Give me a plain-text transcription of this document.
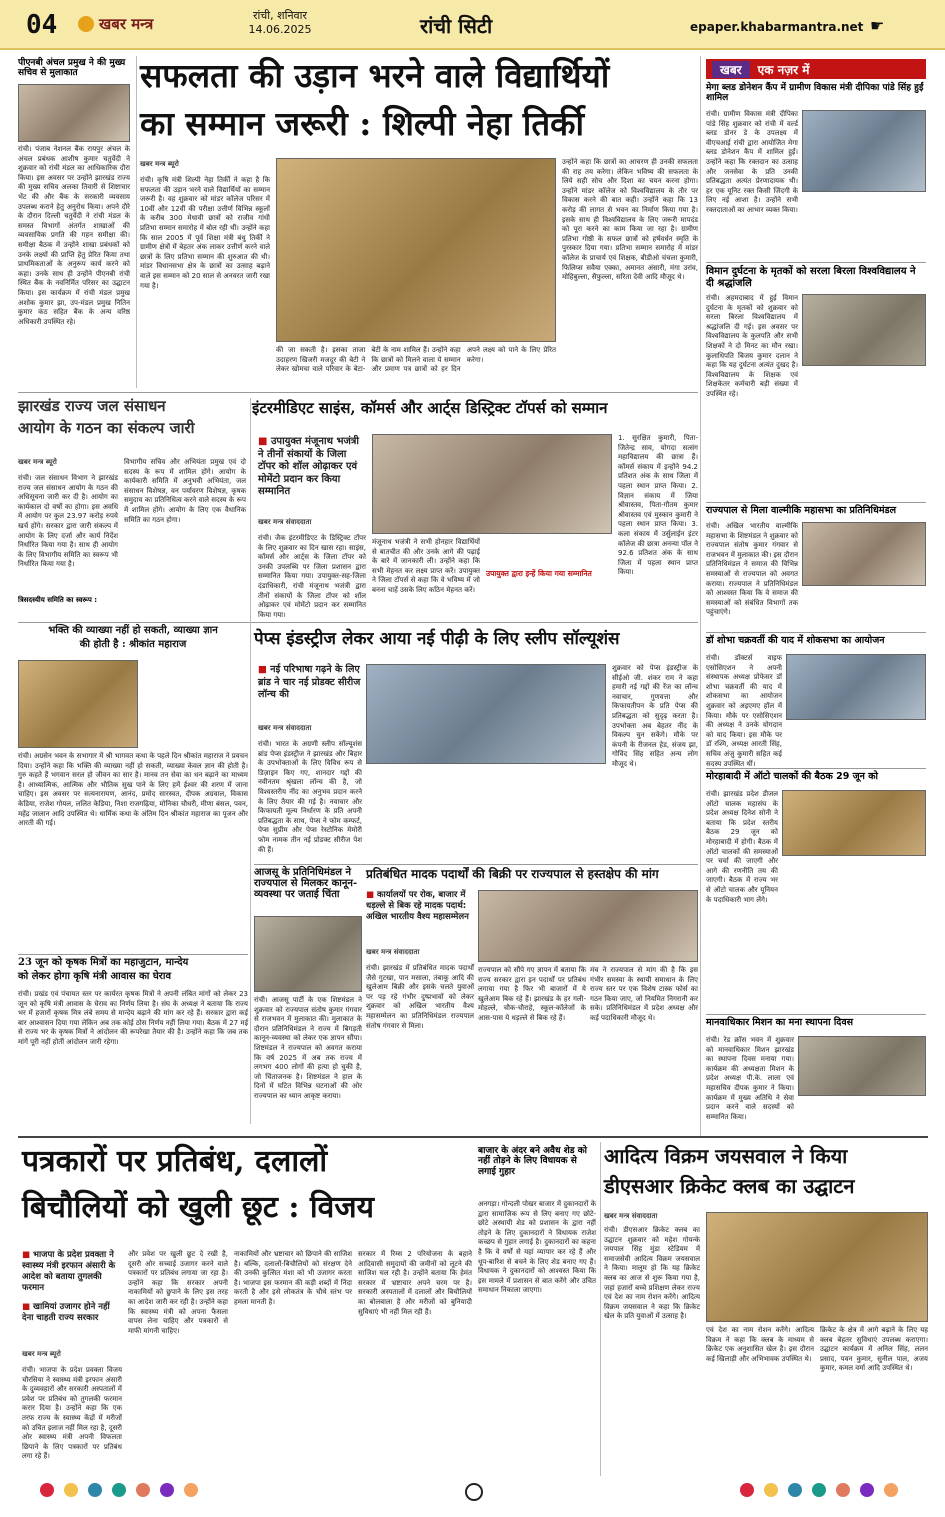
04	खबर मन्त्र	रांची, शनिवार
14.06.2025	रांची सिटी	epaper.khabarmantra.net ☛
पीएनबी अंचल प्रमुख ने की मुख्य सचिव से मुलाकात
रांची। पंजाब नेशनल बैंक रायपुर अंचल के अंचल प्रबंधक आशीष कुमार चतुर्वेदी ने शुक्रवार को रांची मंडल का आधिकारिक दौरा किया। इस अवसर पर उन्होंने झारखंड राज्य की मुख्य सचिव अलका तिवारी से शिष्टाचार भेंट की और बैंक के सरकारी व्यवसाय उपलब्ध कराने हेतु अनुरोध किया। अपने दौरे के दौरान दिल्ली चतुर्वेदी ने रांची मंडल के समस्त विभागों अंतर्गत शाखाओं की व्यवसायिक प्रगति की गहन समीक्षा की। समीक्षा बैठक में उन्होंने शाखा प्रबंधकों को उनके लक्ष्यों की प्राप्ति हेतु प्रेरित किया तथा प्राथमिकताओं के अनुरूप कार्य करने को कहा। उनके साथ ही उन्होंने पीएनबी रांची स्थित बैंक के नवनिर्मित परिसर का उद्घाटन किया। इस कार्यक्रम में रांची मंडल प्रमुख अशोक कुमार झा, उप-मंडल प्रमुख नितिन कुमार कंठ सहित बैंक के अन्य वरिष्ठ अधिकारी उपस्थित रहे।
सफलता की उड़ान भरने वाले विद्यार्थियों
का सम्मान जरूरी : शिल्पी नेहा तिर्की
खबर मन्त्र ब्यूरो
रांची। कृषि मंत्री शिल्पी नेहा तिर्की ने कहा है कि सफलता की उड़ान भरने वाले विद्यार्थियों का सम्मान जरूरी है। वह शुक्रवार को मांडर कॉलेज परिसर में 10वीं और 12वीं की परीक्षा उत्तीर्ण विभिन्न स्कूलों के करीब 300 मेधावी छात्रों को राजीव गांधी प्रतिभा सम्मान समारोह में बोल रही थीं। उन्होंने कहा कि साल 2005 में पूर्व शिक्षा मंत्री बंधु तिर्की ने ग्रामीण क्षेत्रों में बेहतर अंक लाकर उत्तीर्ण करने वाले छात्रों के लिए प्रतिभा सम्मान की शुरुआत की थी। मांडर विधानसभा क्षेत्र के छात्रों का उत्साह बढ़ाने वाले इस सम्मान को 20 साल से अनवरत जारी रखा गया है।
की जा सकती है। इसका ताजा उदाहरण खिजरी मजदूर की बेटी ने लेकर खोमचा वाले परिवार के बेटा-बेटी के नाम शामिल हैं। उन्होंने कहा कि छात्रों को मिलने वाला ये सम्मान और प्रमाण पत्र छात्रों को हर दिन अपने लक्ष्य को पाने के लिए प्रेरित करेगा।
उन्होंने कहा कि छात्रों का आचरण ही उनकी सफलता की राह तय करेगा। लेकिन भविष्य की सफलता के लिये सही सोच और दिशा का चयन करना होगा। उन्होंने मांडर कॉलेज को विश्वविद्यालय के तौर पर विकास करने की बात कही। उन्होंने कहा कि 13 करोड़ की लागत से भवन का निर्माण किया गया है। इसके साथ ही विश्वविद्यालय के लिए जरूरी मापदंड को पूरा करने का काम किया जा रहा है। ग्रामीण प्रतिभा गोष्ठी के सफल छात्रों को हर्षवर्धन स्मृति के पुरस्कार दिया गया। प्रतिभा सम्मान समारोह में मांडर कॉलेज के प्राचार्य एवं शिक्षक, बीडीओ चंचला कुमारी, फिलिप्स सवैया एक्का, अमानत अंसारी, मंगा उरांव, मोहिबुल्ला, सैफुल्ला, सरिता देवी आदि मौजूद थे।
खबर एक नज़र में
मेगा ब्लड डोनेशन कैंप में ग्रामीण विकास मंत्री दीपिका पांडे सिंह हुईं शामिल
रांची। ग्रामीण विकास मंत्री दीपिका पांडे सिंह शुक्रवार को रांची में वर्ल्ड ब्लड डोनर डे के उपलक्ष्य में वीएचआई रांची द्वारा आयोजित मेगा ब्लड डोनेशन कैंप में शामिल हुईं। उन्होंने कहा कि रक्तदान का उत्साह और जनसेवा के प्रति उनकी प्रतिबद्धता अत्यंत प्रेरणादायक थी। हर एक यूनिट रक्त किसी जिंदगी के लिए नई आशा है। उन्होंने सभी रक्तदाताओं का आभार व्यक्त किया।
विमान दुर्घटना के मृतकों को सरला बिरला विश्वविद्यालय ने दी श्रद्धांजलि
रांची। अहमदाबाद में हुई विमान दुर्घटना के मृतकों को शुक्रवार को सरला बिरला विश्वविद्यालय में श्रद्धांजलि दी गई। इस अवसर पर विश्वविद्यालय के कुलपति और सभी शिक्षकों ने दो मिनट का मौन रखा। कुलाधिपति बिजय कुमार दलान ने कहा कि यह दुर्घटना अत्यंत दुखद है। विश्वविद्यालय के शिक्षक एवं शिक्षकेतर कर्मचारी बड़ी संख्या में उपस्थित रहे।
राज्यपाल से मिला वाल्मीकि महासभा का प्रतिनिधिमंडल
रांची। अखिल भारतीय वाल्मीकि महासभा के शिष्टमंडल ने शुक्रवार को राज्यपाल संतोष कुमार गंगवार से राजभवन में मुलाकात की। इस दौरान प्रतिनिधिमंडल ने समाज की विभिन्न समस्याओं से राज्यपाल को अवगत कराया। राज्यपाल ने प्रतिनिधिमंडल को आश्वस्त किया कि वे समाज की समस्याओं को संबंधित विभागों तक पहुंचाएंगे।
डॉ शोभा चक्रवर्ती की याद में शोकसभा का आयोजन
रांची। डॉक्टर्स वाइफ एसोसिएशन ने अपनी संस्थापक अध्यक्ष प्रोफेसर डॉ शोभा चक्रवर्ती की याद में शोकसभा का आयोजन शुक्रवार को अइएमए हॉल में किया। मौके पर एसोसिएशन की अध्यक्ष ने उनके योगदान को याद किया। इस मौके पर डॉ रश्मि, अध्यक्ष आरती सिंह, सचिव अंजु कुमारी सहित कई सदस्य उपस्थित थीं।
मोरहाबादी में ऑटो चालकों की बैठक 29 जून को
रांची। झारखंड प्रदेश डीजल ऑटो चालक महासंघ के प्रदेश अध्यक्ष दिनेश सोनी ने बताया कि प्रदेश स्तरीय बैठक 29 जून को मोरहाबादी में होगी। बैठक में ऑटो चालकों की समस्याओं पर चर्चा की जाएगी और आगे की रणनीति तय की जाएगी। बैठक में राज्य भर से ऑटो चालक और यूनियन के पदाधिकारी भाग लेंगे।
मानवाधिकार मिशन का मना स्थापना दिवस
रांची। रेड क्रॉस भवन में शुक्रवार को मानवाधिकार मिशन झारखंड का स्थापना दिवस मनाया गया। कार्यक्रम की अध्यक्षता मिशन के प्रदेश अध्यक्ष पी.के. लाला एवं महासचिव दीपक कुमार ने किया। कार्यक्रम में मुख्य अतिथि ने सेवा प्रदान करने वाले सदस्यों को सम्मानित किया।
झारखंड राज्य जल संसाधन
आयोग के गठन का संकल्प जारी
खबर मन्त्र ब्यूरो
रांची। जल संसाधन विभाग ने झारखंड राज्य जल संसाधन आयोग के गठन की अधिसूचना जारी कर दी है। आयोग का कार्यकाल दो वर्षों का होगा। इस अवधि में आयोग पर कुल 23.97 करोड़ रुपये खर्च होंगे। सरकार द्वारा जारी संकल्प में आयोग के लिए दर्जा और कार्य निर्देश निर्धारित किया गया है। साथ ही आयोग के लिए विभागीय समिति का स्वरूप भी निर्धारित किया गया है।
त्रिसदस्यीय समिति का स्वरूप :
विभागीय सचिव और अभियंता प्रमुख एवं दो सदस्य के रूप में शामिल होंगे। आयोग के कार्यकारी समिति में अनुभवी अभियंता, जल संसाधन विशेषज्ञ, वन पर्यावरण विशेषज्ञ, कृषक समुदाय का प्रतिनिधित्व करने वाले सदस्य के रूप में शामिल होंगे। आयोग के लिए एक वैधानिक समिति का गठन होगा।
इंटरमीडिएट साइंस, कॉमर्स और आर्ट्स डिस्ट्रिक्ट टॉपर्स को सम्मान
■ उपायुक्त मंजूनाथ भजंत्री ने तीनों संकायों के जिला टॉपर को शॉल ओढ़ाकर एवं मोमेंटो प्रदान कर किया सम्मानित
खबर मन्त्र संवाददाता
रांची। जैक इंटरमीडिएट के डिस्ट्रिक्ट टॉपर के लिए शुक्रवार का दिन खास रहा। साइंस, कॉमर्स और आर्ट्स के जिला टॉपर को उनकी उपलब्धि पर जिला प्रशासन द्वारा सम्मानित किया गया। उपायुक्त-सह-जिला दंडाधिकारी, रांची मंजूनाथ भजंत्री द्वारा तीनों संकायों के जिला टॉपर को शॉल ओढ़ाकर एवं मोमेंटो प्रदान कर सम्मानित किया गया।
मंजूनाथ भजंत्री ने सभी होनहार विद्यार्थियों से बातचीत की और उनके आगे की पढ़ाई के बारे में जानकारी ली। उन्होंने कहा कि सभी मेहनत कर लक्ष्य प्राप्त करें। उपायुक्त ने जिला टॉपर्स से कहा कि वे भविष्य में जो बनना चाहें उसके लिए कठिन मेहनत करें।
उपायुक्त द्वारा इन्हें किया गया सम्मानित
1. सुरक्षित कुमारी, पिता-जितेन्द्र साव, योगदा सत्संग महाविद्यालय की छात्रा हैं। कॉमर्स संकाय में इन्होंने 94.2 प्रतिशत अंक के साथ जिला में पहला स्थान प्राप्त किया। 2. विज्ञान संकाय में जिया श्रीवास्तव, पिता-गौतम कुमार श्रीवास्तव एवं मुस्कान कुमारी ने पहला स्थान प्राप्त किया। 3. कला संकाय में उर्सुलाईन इंटर कॉलेज की छात्रा अनन्या पॉल ने 92.6 प्रतिशत अंक के साथ जिला में पहला स्थान प्राप्त किया।
भक्ति की व्याख्या नहीं हो सकती, व्याख्या ज्ञान
की होती है : श्रीकांत महाराज
रांची। अग्रसेन भवन के सभागार में श्री भागवत कथा के पहले दिन श्रीकांत महाराज ने प्रवचन दिया। उन्होंने कहा कि भक्ति की व्याख्या नहीं हो सकती, व्याख्या केवल ज्ञान की होती है। गुरु कहते हैं भगवान सरल हो जीवन का सार है। मानव तन सेवा का धन बढ़ाने का माध्यम है। आध्यात्मिक, आत्मिक और भौतिक सुख पाने के लिए हमें ईश्वर की शरण में जाना चाहिए। इस अवसर पर सत्यनारायण, आनंद, प्रमोद सारस्वत, दीपक अग्रवाल, विकास केडिया, राजेश गोयल, ललित केडिया, निशा राजगढ़िया, मोनिका चौधरी, मीणा बंसल, पवन, महेंद्र जालान आदि उपस्थित थे। धार्मिक कथा के अंतिम दिन श्रीकांत महाराज का पूजन और आरती की गई।
23 जून को कृषक मित्रों का महाजुटान, मान्देय
को लेकर होगा कृषि मंत्री आवास का घेराव
रांची। प्रखंड एवं पंचायत स्तर पर कार्यरत कृषक मित्रों ने अपनी लंबित मांगों को लेकर 23 जून को कृषि मंत्री आवास के घेराव का निर्णय लिया है। संघ के अध्यक्ष ने बताया कि राज्य भर में हजारों कृषक मित्र लंबे समय से मान्देय बढ़ाने की मांग कर रहे हैं। सरकार द्वारा कई बार आश्वासन दिया गया लेकिन अब तक कोई ठोस निर्णय नहीं लिया गया। बैठक में 27 मई से राज्य भर के कृषक मित्रों ने आंदोलन की रूपरेखा तैयार की है। उन्होंने कहा कि जब तक मांगें पूरी नहीं होतीं आंदोलन जारी रहेगा।
पेप्स इंडस्ट्रीज लेकर आया नई पीढ़ी के लिए स्लीप सॉल्यूशंस
■ नई परिभाषा गढ़ने के लिए ब्रांड ने चार नई प्रोडक्ट सीरीज लॉन्च की
खबर मन्त्र संवाददाता
रांची। भारत के अग्रणी स्लीप सॉल्यूशंस ब्रांड पेप्स इंडस्ट्रीज ने झारखंड और बिहार के उपभोक्ताओं के लिए विविध रूप से डिज़ाइन किए गए, शानदार गद्दों की नवीनतम श्रृंखला लॉन्च की है, जो विश्वस्तरीय नींद का अनुभव प्रदान करने के लिए तैयार की गई है। नवाचार और किफायती मूल्य निर्धारण के प्रति अपनी प्रतिबद्धता के साथ, पेप्स ने फोम कम्फर्ट, पेप्स सुप्रीम और पेप्स रेस्टोनिक मेमोरी फोम नामक तीन नई प्रोडक्ट सीरीज पेश की हैं।
शुक्रवार को पेप्स इंडस्ट्रीज के सीईओ जी. शंकर राम ने कहा हमारी नई गद्दों की रेंज का लॉन्च नवाचार, गुणवत्ता और किफायतीपन के प्रति पेप्स की प्रतिबद्धता को सुदृढ़ करता है। उपभोक्ता अब बेहतर नींद के विकल्प चुन सकेंगे। मौके पर कंपनी के रीजनल हेड, संजय झा, गोविंद सिंह सहित अन्य लोग मौजूद थे।
आजसू के प्रतिनिधिमंडल ने राज्यपाल से मिलकर कानून-व्यवस्था पर जताई चिंता
रांची। आजसू पार्टी के एक शिष्टमंडल ने शुक्रवार को राज्यपाल संतोष कुमार गंगवार से राजभवन में मुलाकात की। मुलाकात के दौरान प्रतिनिधिमंडल ने राज्य में बिगड़ती कानून-व्यवस्था को लेकर एक ज्ञापन सौंपा। शिष्टमंडल ने राज्यपाल को अवगत कराया कि वर्ष 2025 में अब तक राज्य में लगभग 400 लोगों की हत्या हो चुकी है, जो चिंताजनक है। शिष्टमंडल ने हाल के दिनों में घटित विभिन्न घटनाओं की ओर राज्यपाल का ध्यान आकृष्ट कराया।
प्रतिबंधित मादक पदार्थों की बिक्री पर राज्यपाल से हस्तक्षेप की मांग
■ कार्यालयों पर रोक, बाजार में धड़ल्ले से बिक रहे मादक पदार्थ: अखिल भारतीय वैश्य महासम्मेलन
खबर मन्त्र संवाददाता
रांची। झारखंड में प्रतिबंधित मादक पदार्थों जैसे गुटखा, पान मसाला, तंबाकू आदि की खुलेआम बिक्री और इसके चलते युवाओं पर पड़ रहे गंभीर दुष्प्रभावों को लेकर शुक्रवार को अखिल भारतीय वैश्य महासम्मेलन का प्रतिनिधिमंडल राज्यपाल संतोष गंगवार से मिला।
राज्यपाल को सौंपे गए ज्ञापन में बताया कि राज्य सरकार द्वारा इन पदार्थों पर प्रतिबंध लगाया गया है फिर भी बाजारों में ये खुलेआम बिक रहे हैं। झारखंड के हर गली-मोहल्ले, चौक-चौराहे, स्कूल-कॉलेजों के आस-पास ये धड़ल्ले से बिक रहे हैं।
मंच ने राज्यपाल से मांग की है कि इस गंभीर समस्या के स्थायी समाधान के लिए राज्य स्तर पर एक विशेष टास्क फोर्स का गठन किया जाए, जो नियमित निगरानी कर सके। प्रतिनिधिमंडल में प्रदेश अध्यक्ष और कई पदाधिकारी मौजूद थे।
पत्रकारों पर प्रतिबंध, दलालों
बिचौलियों को खुली छूट : विजय
■ भाजपा के प्रदेश प्रवक्ता ने स्वास्थ्य मंत्री इरफान अंसारी के आदेश को बताया तुगलकी फरमान
■ खामियां उजागर होने नहीं देना चाहती राज्य सरकार
खबर मन्त्र ब्यूरो
रांची। भाजपा के प्रदेश प्रवक्ता विजय चौरसिया ने स्वास्थ्य मंत्री इरफान अंसारी के दुव्यवहारों और सरकारी अस्पतालों में प्रवेश पर प्रतिबंध को तुगलकी फरमान करार दिया है। उन्होंने कहा कि एक तरफ राज्य के स्वास्थ्य केंद्रों में मरीजों को उचित इलाज नहीं मिल रहा है, दूसरी ओर स्वास्थ्य मंत्री अपनी विफलता छिपाने के लिए पत्रकारों पर प्रतिबंध लगा रहे हैं।
और प्रवेश पर खुली छूट दे रखी है, दूसरी ओर सच्चाई उजागर करने वाले पत्रकारों पर प्रतिबंध लगाया जा रहा है। उन्होंने कहा कि सरकार अपनी नाकामियों को छुपाने के लिए इस तरह का आदेश जारी कर रही है। उन्होंने कहा कि स्वास्थ्य मंत्री को अपना फैसला वापस लेना चाहिए और पत्रकारों से माफी मांगनी चाहिए।
नाकामियों और भ्रष्टाचार को छिपाने की साजिश है। बल्कि, दलालों-बिचौलियों को संरक्षण देने की उनकी कुत्सित मंशा को भी उजागर करता है। भाजपा इस फरमान की कड़ी शब्दों में निंदा करती है और इसे लोकतंत्र के चौथे स्तंभ पर हमला मानती है।
सरकार में रिम्स 2 परियोजना के बहाने आदिवासी समुदायों की जमीनों को लूटने की साजिश चल रही है। उन्होंने बताया कि हेमंत सरकार में भ्रष्टाचार अपने चरम पर है। सरकारी अस्पतालों में दलालों और बिचौलियों का बोलबाला है और मरीजों को बुनियादी सुविधाएं भी नहीं मिल रही हैं।
बाजार के अंदर बने अवैध शेड को नहीं तोड़ने के लिए विधायक से लगाई गुहार
अनगड़ा। गोन्दली पोखर बाजार में दुकानदारों के द्वारा सामाजिक रूप से लिए बनाए गए छोटे-छोटे अस्थायी शेड को प्रशासन के द्वारा नहीं तोड़ने के लिए दुकानदारों ने विधायक राजेश कच्छप से गुहार लगाई है। दुकानदारों का कहना है कि वे वर्षों से यहां व्यापार कर रहे हैं और धूप-बारिश से बचने के लिए शेड बनाए गए हैं। विधायक ने दुकानदारों को आश्वस्त किया कि इस मामले में प्रशासन से बात करेंगे और उचित समाधान निकाला जाएगा।
आदित्य विक्रम जयसवाल ने किया
डीएसआर क्रिकेट क्लब का उद्घाटन
खबर मन्त्र संवाददाता
रांची। डीएसआर क्रिकेट क्लब का उद्घाटन शुक्रवार को महेश गोयन्के जयपाल सिंह मुंडा स्टेडियम में समाजसेवी आदित्य विक्रम जयसवाल ने किया। मालूम हो कि यह क्रिकेट क्लब का आज से शुरू किया गया है, जहां हजारों बच्चे प्रशिक्षण लेकर राज्य एवं देश का नाम रोशन करेंगे। आदित्य विक्रम जयसवाल ने कहा कि क्रिकेट खेल के प्रति युवाओं में उत्साह है।
एवं देश का नाम रोशन करेंगे। आदित्य विक्रम ने कहा कि क्लब के माध्यम से क्रिकेट एक अनुशासित खेल है। इस दौरान कई खिलाड़ी और अभिभावक उपस्थित थे।
क्रिकेट के क्षेत्र में आगे बढ़ाने के लिए यह क्लब बेहतर सुविधाएं उपलब्ध कराएगा। उद्घाटन कार्यक्रम में अनिल सिंह, ललन प्रसाद, पवन कुमार, सुनील पाल, अजय कुमार, कमल वर्मा आदि उपस्थित थे।
